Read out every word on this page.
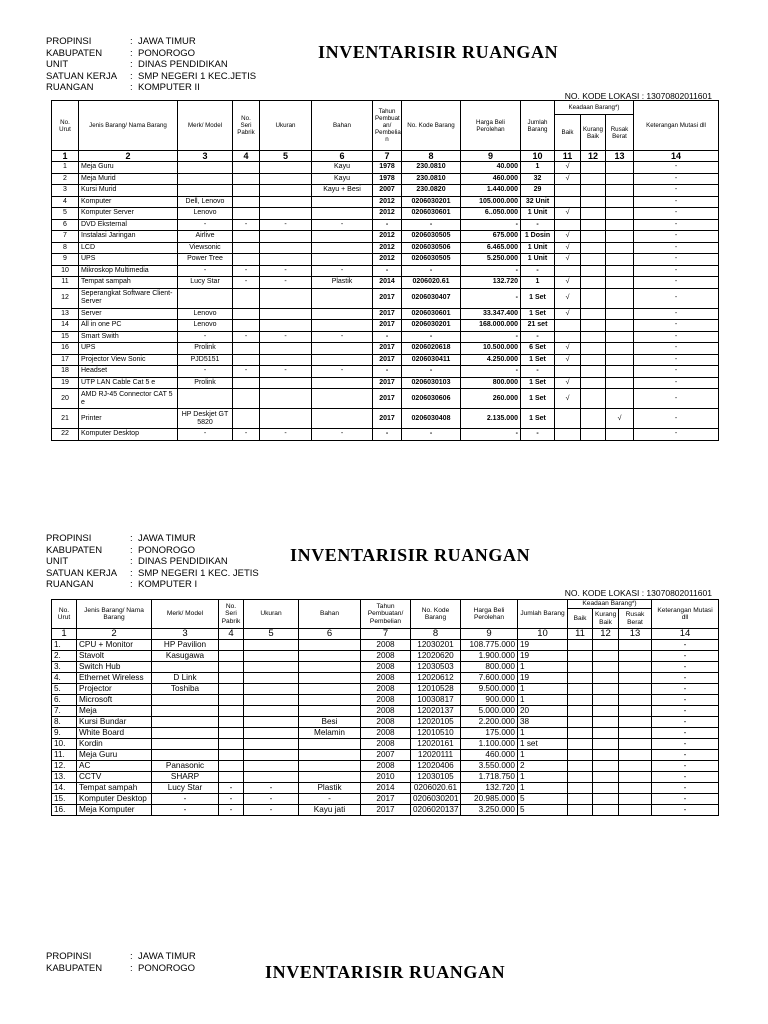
PROPINSI	: JAWA TIMUR
KABUPATEN	: PONOROGO
UNIT	: DINAS PENDIDIKAN
SATUAN KERJA	: SMP NEGERI 1 KEC.JETIS
RUANGAN	: KOMPUTER II
INVENTARISIR RUANGAN
NO. KODE LOKASI : 13070802011601
No. Urut	Jenis Barang/ Nama Barang	Merk/ Model	No. Seri Pabrik	Ukuran	Bahan	Tahun Pembuat an/ Pembelia n	No. Kode Barang	Harga Beli Perolehan	Jumlah Barang	Keadaan Barang*)			Keterangan Mutasi dll
										Baik	Kurang Baik	Rusak Berat	
1	2	3	4	5	6	7	8	9	10	11	12	13	14
1	Meja Guru				Kayu	1978	230.0810	40.000	1	√			-
2	Meja Murid				Kayu	1978	230.0810	460.000	32	√			-
3	Kursi Murid				Kayu + Besi	2007	230.0820	1.440.000	29				-
4	Komputer	Dell, Lenovo				2012	0206030201	105.000.000	32 Unit				-
5	Komputer Server	Lenovo				2012	0206030601	6..050.000	1 Unit	√			-
6	DVD Eksternal	-	-	-	-	-	-	-	-				-
7	Instalasi Jaringan	Airlive				2012	0206030505	675.000	1 Dosin	√			-
8	LCD	Viewsonic				2012	0206030506	6.465.000	1 Unit	√			-
9	UPS	Power Tree				2012	0206030505	5.250.000	1 Unit	√			-
10	Mikroskop Multimedia	-	-	-	-	-	-	-	-				-
11	Tempat sampah	Lucy Star	-	-	Plastik	2014	0206020.61	132.720	1	√			-
12	Seperangkat Software Client-Server					2017	0206030407	-	1 Set	√			-
13	Server	Lenovo				2017	0206030601	33.347.400	1 Set	√			-
14	All in one PC	Lenovo				2017	0206030201	168.000.000	21 set				-
15	Smart Swith	-	-	-	-	-	-	-	-				-
16	UPS	Prolink				2017	0206020618	10.500.000	6 Set	√			-
17	Projector View Sonic	PJD5151				2017	0206030411	4.250.000	1 Set	√			-
18	Headset	-	-	-	-	-	-	-	-				-
19	UTP LAN Cable Cat 5 e	Prolink				2017	0206030103	800.000	1 Set	√			-
20	AMD RJ-45 Connector CAT 5 e					2017	0206030606	260.000	1 Set	√			-
21	Printer	HP Deskjet GT 5820				2017	0206030408	2.135.000	1 Set			√	-
22	Komputer Desktop	-	-	-	-	-	-	-	-				-
PROPINSI	: JAWA TIMUR
KABUPATEN	: PONOROGO
UNIT	: DINAS PENDIDIKAN
SATUAN KERJA	: SMP NEGERI 1 KEC. JETIS
RUANGAN	: KOMPUTER I
INVENTARISIR RUANGAN
NO. KODE LOKASI : 13070802011601
No. Urut	Jenis Barang/ Nama Barang	Merk/ Model	No. Seri Pabrik	Ukuran	Bahan	Tahun Pembuatan/ Pembelian	No. Kode Barang	Harga Beli Perolehan	Jumlah Barang	Keadaan Barang*)			Keterangan Mutasi dll
										Baik	Kurang Baik	Rusak Berat	
1	2	3	4	5	6	7	8	9	10	11	12	13	14
1.	CPU + Monitor	HP Pavilion				2008	12030201	108.775.000	19				-
2.	Stavolt	Kasugawa				2008	12020620	1.900.000	19				-
3.	Switch Hub					2008	12030503	800.000	1				-
4.	Ethernet Wireless	D Link				2008	12020612	7.600.000	19				-
5.	Projector	Toshiba				2008	12010528	9.500.000	1				-
6.	Microsoft					2008	10030817	900.000	1				-
7.	Meja					2008	12020137	5.000.000	20				-
8.	Kursi Bundar				Besi	2008	12020105	2.200.000	38				-
9.	White Board				Melamin	2008	12010510	175.000	1				-
10.	Kordin					2008	12020161	1.100.000	1 set				-
11.	Meja Guru					2007	12020111	460.000	1				-
12.	AC	Panasonic				2008	12020406	3.550.000	2				-
13.	CCTV	SHARP				2010	12030105	1.718.750	1				-
14.	Tempat sampah	Lucy Star	-	-	Plastik	2014	0206020.61	132.720	1				-
15.	Komputer Desktop	-	-	-	-	2017	0206030201	20.985.000	5				-
16.	Meja Komputer	-	-	-	Kayu jati	2017	0206020137	3.250.000	5				-
PROPINSI	: JAWA TIMUR
KABUPATEN	: PONOROGO	INVENTARISIR RUANGAN
